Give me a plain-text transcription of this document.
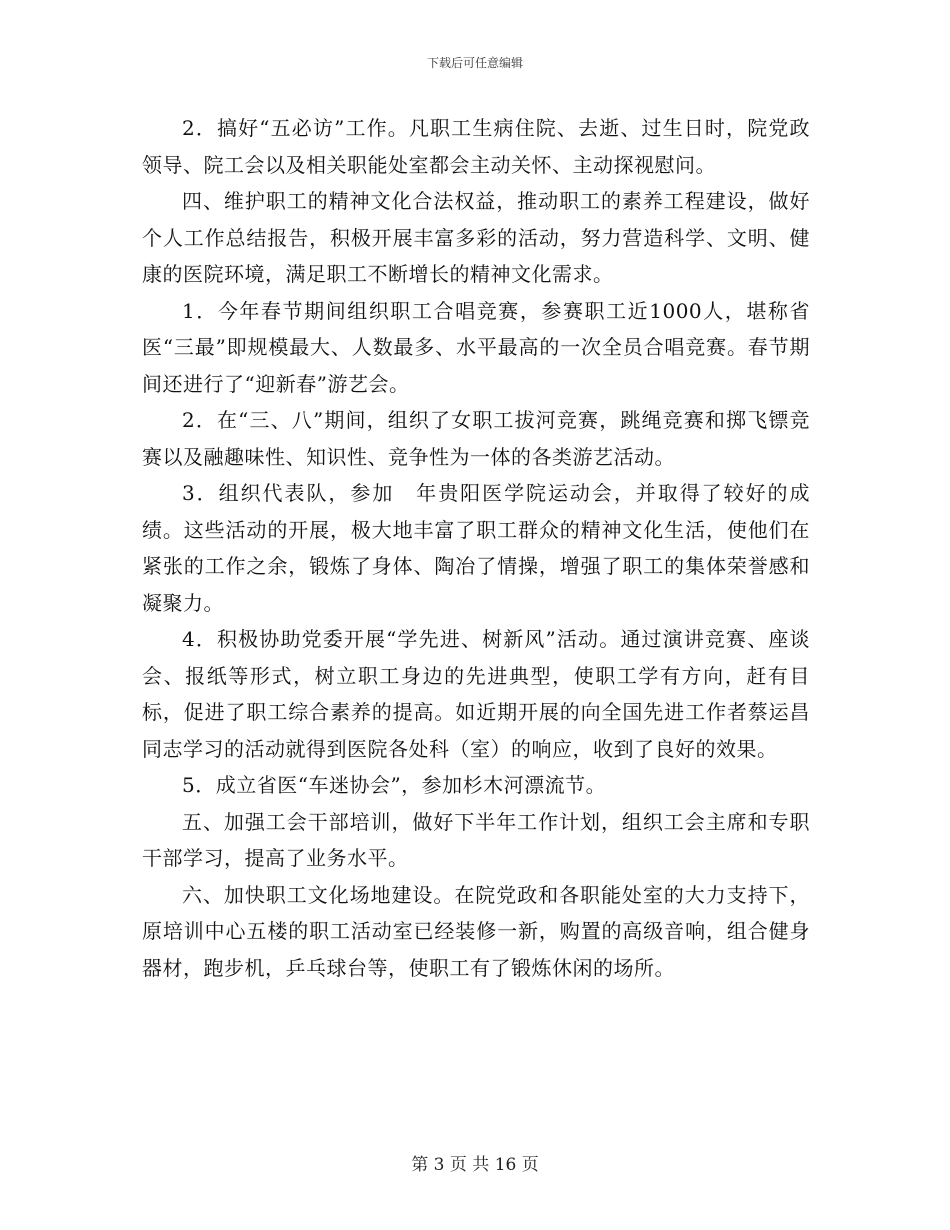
下载后可任意编辑

2．搞好“五必访”工作。凡职工生病住院、去逝、过生日时，院党政领导、院工会以及相关职能处室都会主动关怀、主动探视慰问。

四、维护职工的精神文化合法权益，推动职工的素养工程建设，做好个人工作总结报告，积极开展丰富多彩的活动，努力营造科学、文明、健康的医院环境，满足职工不断增长的精神文化需求。

1．今年春节期间组织职工合唱竞赛，参赛职工近1000人，堪称省医“三最”即规模最大、人数最多、水平最高的一次全员合唱竞赛。春节期间还进行了“迎新春”游艺会。

2．在“三、八”期间，组织了女职工拔河竞赛，跳绳竞赛和掷飞镖竞赛以及融趣味性、知识性、竞争性为一体的各类游艺活动。

3．组织代表队，参加　年贵阳医学院运动会，并取得了较好的成绩。这些活动的开展，极大地丰富了职工群众的精神文化生活，使他们在紧张的工作之余，锻炼了身体、陶冶了情操，增强了职工的集体荣誉感和凝聚力。

4．积极协助党委开展“学先进、树新风”活动。通过演讲竞赛、座谈会、报纸等形式，树立职工身边的先进典型，使职工学有方向，赶有目标，促进了职工综合素养的提高。如近期开展的向全国先进工作者蔡运昌同志学习的活动就得到医院各处科（室）的响应，收到了良好的效果。

5．成立省医“车迷协会”，参加杉木河漂流节。

五、加强工会干部培训，做好下半年工作计划，组织工会主席和专职干部学习，提高了业务水平。

六、加快职工文化场地建设。在院党政和各职能处室的大力支持下，原培训中心五楼的职工活动室已经装修一新，购置的高级音响，组合健身器材，跑步机，乒乓球台等，使职工有了锻炼休闲的场所。

第 3 页 共 16 页
